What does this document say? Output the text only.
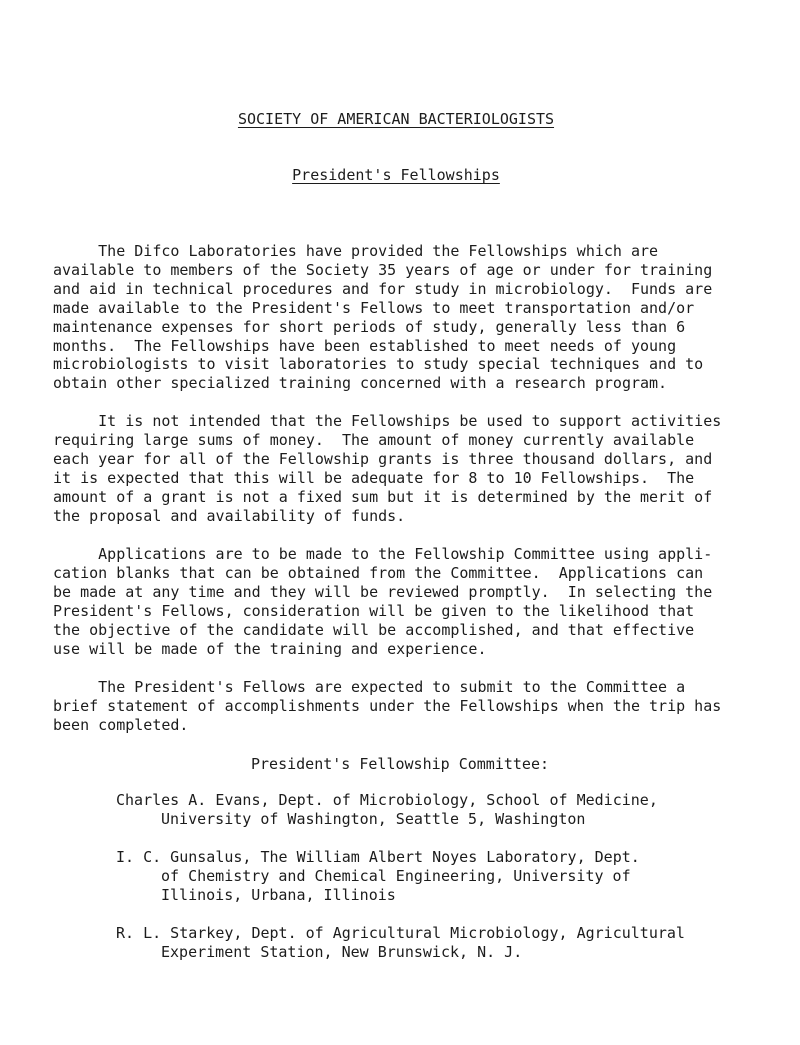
SOCIETY OF AMERICAN BACTERIOLOGISTS
President's Fellowships
The Difco Laboratories have provided the Fellowships which are
available to members of the Society 35 years of age or under for training
and aid in technical procedures and for study in microbiology.  Funds are
made available to the President's Fellows to meet transportation and/or
maintenance expenses for short periods of study, generally less than 6
months.  The Fellowships have been established to meet needs of young
microbiologists to visit laboratories to study special techniques and to
obtain other specialized training concerned with a research program.
It is not intended that the Fellowships be used to support activities
requiring large sums of money.  The amount of money currently available
each year for all of the Fellowship grants is three thousand dollars, and
it is expected that this will be adequate for 8 to 10 Fellowships.  The
amount of a grant is not a fixed sum but it is determined by the merit of
the proposal and availability of funds.
Applications are to be made to the Fellowship Committee using appli-
cation blanks that can be obtained from the Committee.  Applications can
be made at any time and they will be reviewed promptly.  In selecting the
President's Fellows, consideration will be given to the likelihood that
the objective of the candidate will be accomplished, and that effective
use will be made of the training and experience.
The President's Fellows are expected to submit to the Committee a
brief statement of accomplishments under the Fellowships when the trip has
been completed.
President's Fellowship Committee:
Charles A. Evans, Dept. of Microbiology, School of Medicine,
University of Washington, Seattle 5, Washington
I. C. Gunsalus, The William Albert Noyes Laboratory, Dept.
of Chemistry and Chemical Engineering, University of
Illinois, Urbana, Illinois
R. L. Starkey, Dept. of Agricultural Microbiology, Agricultural
Experiment Station, New Brunswick, N. J.
